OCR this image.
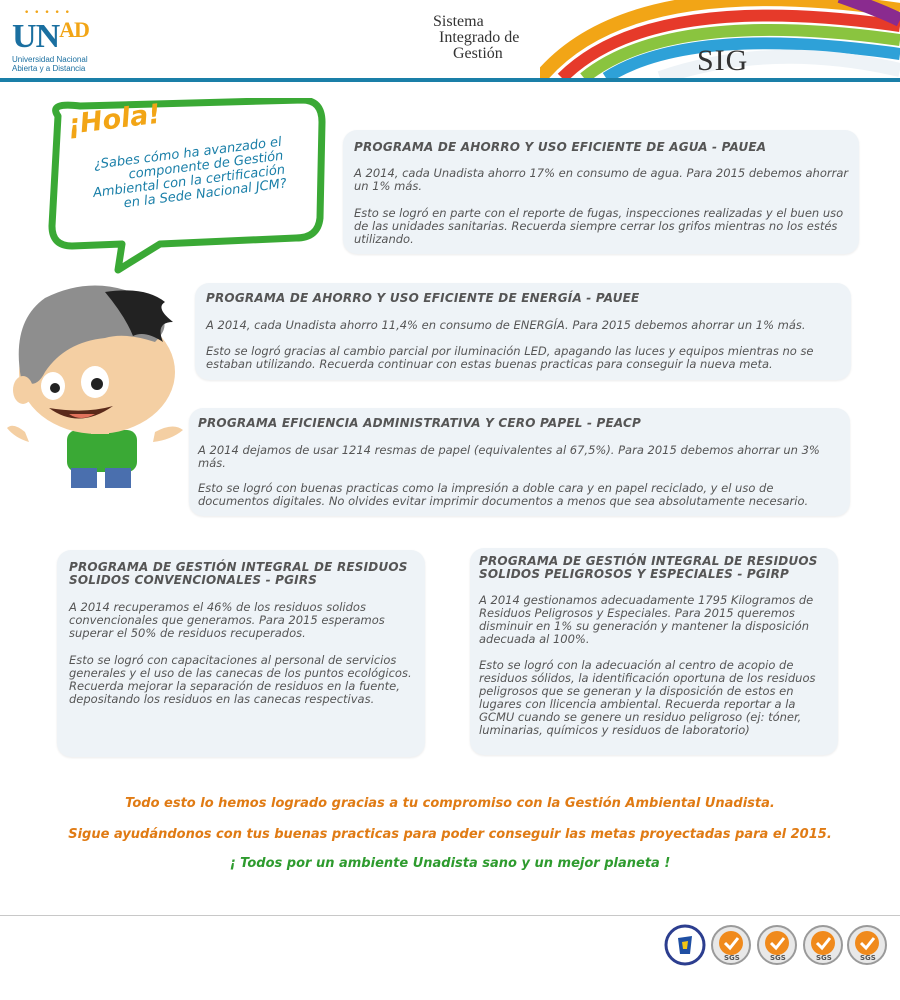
• • • • •
$UN^{AD}$
Universidad Nacional
Abierta y a Distancia
Sistema
Integrado de
Gestión	SIG
¡Hola!
¿Sabes cómo ha avanzado el componente de Gestión Ambiental con la certificación en la Sede Nacional JCM?
PROGRAMA DE AHORRO Y USO EFICIENTE DE AGUA - PAUEA
A 2014, cada Unadista ahorro 17% en consumo de agua. Para 2015 debemos ahorrar un 1% más.
Esto se logró en parte con el reporte de fugas, inspecciones realizadas y el buen uso de las unidades sanitarias. Recuerda siempre cerrar los grifos mientras no los estés utilizando.
PROGRAMA DE AHORRO Y USO EFICIENTE DE ENERGÍA - PAUEE
A 2014, cada Unadista ahorro 11,4% en consumo de ENERGÍA. Para 2015 debemos ahorrar un 1% más.
Esto se logró gracias al cambio parcial por iluminación LED, apagando las luces y equipos mientras no se estaban utilizando. Recuerda continuar con estas buenas practicas para conseguir la nueva meta.
PROGRAMA EFICIENCIA ADMINISTRATIVA Y CERO PAPEL - PEACP
A 2014 dejamos de usar 1214 resmas de papel (equivalentes al 67,5%). Para 2015 debemos ahorrar un 3% más.
Esto se logró con buenas practicas como la impresión a doble cara y en papel reciclado, y el uso de documentos digitales. No olvides evitar imprimir documentos a menos que sea absolutamente necesario.
PROGRAMA DE GESTIÓN INTEGRAL DE RESIDUOS SOLIDOS CONVENCIONALES - PGIRS
A 2014 recuperamos el 46% de los residuos solidos convencionales que generamos. Para 2015 esperamos superar el 50% de residuos recuperados.
Esto se logró con capacitaciones al personal de servicios generales y el uso de las canecas de los puntos ecológicos. Recuerda mejorar la separación de residuos en la fuente, depositando los residuos en las canecas respectivas.
PROGRAMA DE GESTIÓN INTEGRAL DE RESIDUOS SOLIDOS PELIGROSOS Y ESPECIALES - PGIRP
A 2014 gestionamos adecuadamente 1795 Kilogramos de Residuos Peligrosos y Especiales. Para 2015 queremos disminuir en 1% su generación y mantener la disposición adecuada al 100%.
Esto se logró con la adecuación al centro de acopio de residuos sólidos, la identificación oportuna de los residuos peligrosos que se generan y la disposición de estos en lugares con llicencia ambiental. Recuerda reportar a la GCMU cuando se genere un residuo peligroso (ej: tóner, luminarias, químicos y residuos de laboratorio)
Todo esto lo hemos logrado gracias a tu compromiso con la Gestión Ambiental Unadista.
Sigue ayudándonos con tus buenas practicas para poder conseguir las metas proyectadas para el 2015.
¡ Todos por un ambiente Unadista sano y un mejor planeta !
SGS	SGS	SGS	SGS
